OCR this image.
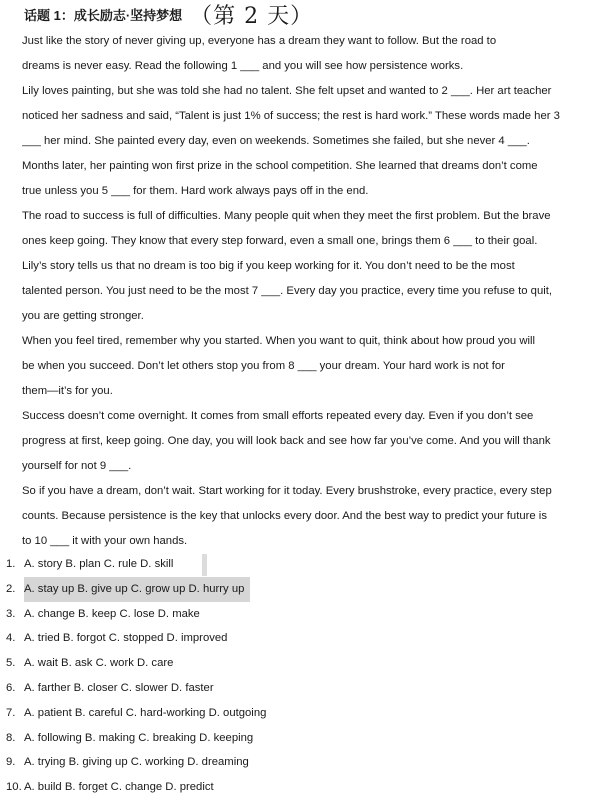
话题 1：成长励志·坚持梦想 （第 2 天）
Just like the story of never giving up, everyone has a dream they want to follow. But the road to
dreams is never easy. Read the following 1 ___ and you will see how persistence works.
Lily loves painting, but she was told she had no talent. She felt upset and wanted to 2 ___. Her art teacher
noticed her sadness and said, “Talent is just 1% of success; the rest is hard work.” These words made her 3
___ her mind. She painted every day, even on weekends. Sometimes she failed, but she never 4 ___.
Months later, her painting won first prize in the school competition. She learned that dreams don’t come
true unless you 5 ___ for them. Hard work always pays off in the end.
The road to success is full of difficulties. Many people quit when they meet the first problem. But the brave
ones keep going. They know that every step forward, even a small one, brings them 6 ___ to their goal.
Lily’s story tells us that no dream is too big if you keep working for it. You don’t need to be the most
talented person. You just need to be the most 7 ___. Every day you practice, every time you refuse to quit,
you are getting stronger.
When you feel tired, remember why you started. When you want to quit, think about how proud you will
be when you succeed. Don’t let others stop you from 8 ___ your dream. Your hard work is not for
them—it’s for you.
Success doesn’t come overnight. It comes from small efforts repeated every day. Even if you don’t see
progress at first, keep going. One day, you will look back and see how far you’ve come. And you will thank
yourself for not 9 ___.
So if you have a dream, don’t wait. Start working for it today. Every brushstroke, every practice, every step
counts. Because persistence is the key that unlocks every door. And the best way to predict your future is
to 10 ___ it with your own hands.
1. A. story B. plan C. rule D. skill
2. A. stay up B. give up C. grow up D. hurry up
3. A. change B. keep C. lose D. make
4. A. tried B. forgot C. stopped D. improved
5. A. wait B. ask C. work D. care
6. A. farther B. closer C. slower D. faster
7. A. patient B. careful C. hard-working D. outgoing
8. A. following B. making C. breaking D. keeping
9. A. trying B. giving up C. working D. dreaming
10. A. build B. forget C. change D. predict
